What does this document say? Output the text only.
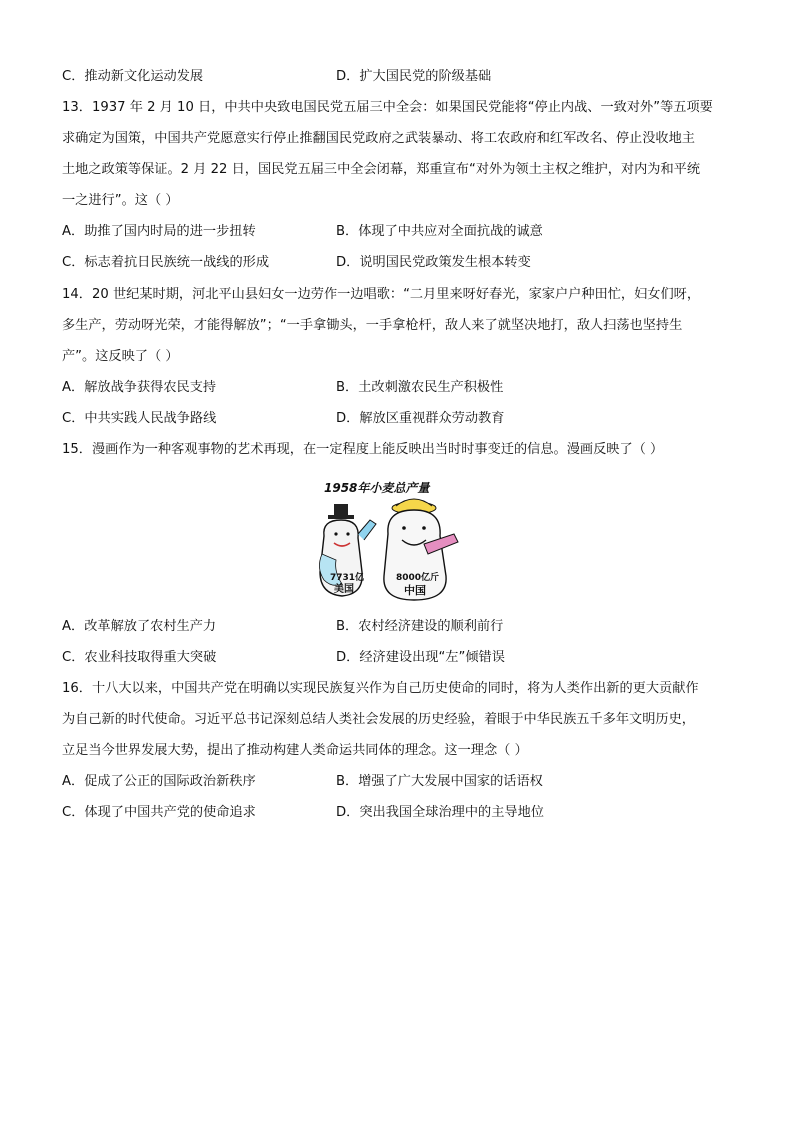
C．推动新文化运动发展	D．扩大国民党的阶级基础
13．1937 年 2 月 10 日，中共中央致电国民党五届三中全会：如果国民党能将“停止内战、一致对外”等五项要
求确定为国策，中国共产党愿意实行停止推翻国民党政府之武装暴动、将工农政府和红军改名、停止没收地主
土地之政策等保证。2 月 22 日，国民党五届三中全会闭幕，郑重宣布“对外为领土主权之维护，对内为和平统
一之进行”。这（ ）
A．助推了国内时局的进一步扭转	B．体现了中共应对全面抗战的诚意
C．标志着抗日民族统一战线的形成	D．说明国民党政策发生根本转变
14．20 世纪某时期，河北平山县妇女一边劳作一边唱歌：“二月里来呀好春光，家家户户种田忙，妇女们呀，
多生产，劳动呀光荣，才能得解放”；“一手拿锄头，一手拿枪杆，敌人来了就坚决地打，敌人扫荡也坚持生
产”。这反映了（ ）
A．解放战争获得农民支持	B．土改刺激农民生产积极性
C．中共实践人民战争路线	D．解放区重视群众劳动教育
15．漫画作为一种客观事物的艺术再现，在一定程度上能反映出当时时事变迁的信息。漫画反映了（ ）
1958年小麦总产量
7731亿
美国
8000亿斤
中国
A．改革解放了农村生产力	B．农村经济建设的顺利前行
C．农业科技取得重大突破	D．经济建设出现“左”倾错误
16．十八大以来，中国共产党在明确以实现民族复兴作为自己历史使命的同时，将为人类作出新的更大贡献作
为自己新的时代使命。习近平总书记深刻总结人类社会发展的历史经验，着眼于中华民族五千多年文明历史，
立足当今世界发展大势，提出了推动构建人类命运共同体的理念。这一理念（ ）
A．促成了公正的国际政治新秩序	B．增强了广大发展中国家的话语权
C．体现了中国共产党的使命追求	D．突出我国全球治理中的主导地位
